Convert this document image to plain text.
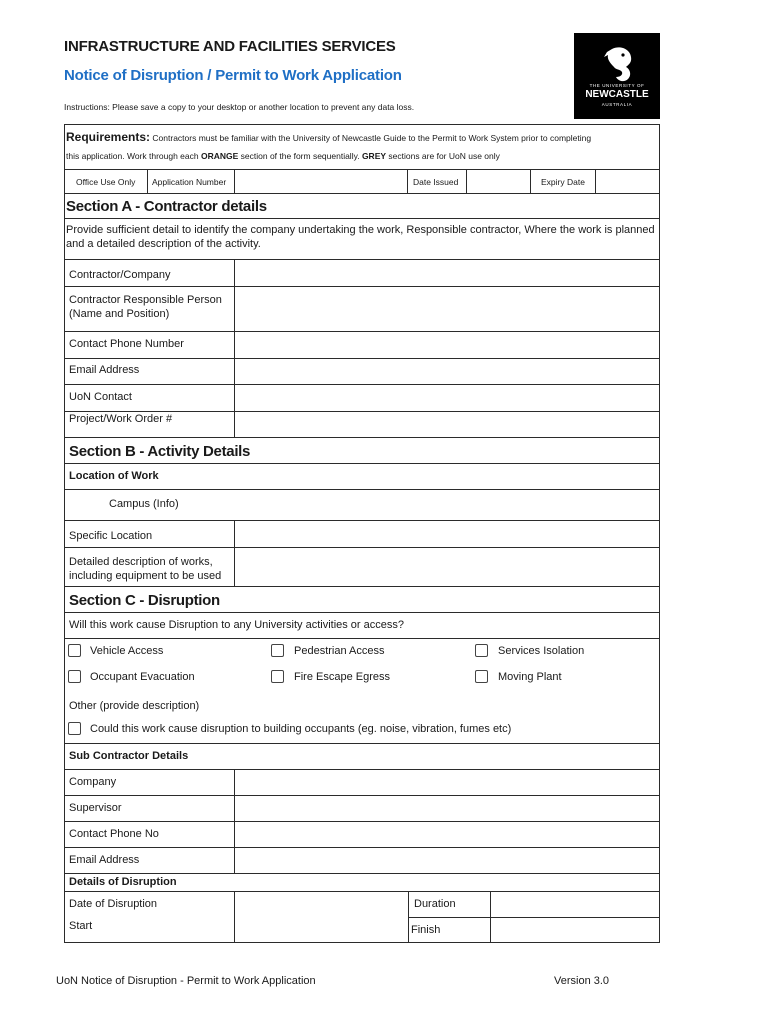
INFRASTRUCTURE AND FACILITIES SERVICES
Notice of Disruption / Permit to Work Application
Instructions: Please save a copy to your desktop or another location to prevent any data loss.
THE UNIVERSITY OF
NEWCASTLE
AUSTRALIA
Requirements: Contractors must be familiar with the University of Newcastle Guide to the Permit to Work System prior to completing
this application. Work through each ORANGE section of the form sequentially. GREY sections are for UoN use only
Office Use Only Application Number	Date Issued	Expiry Date
Section A - Contractor details
Provide sufficient detail to identify the company undertaking the work, Responsible contractor, Where the work is planned and a detailed description of the activity.
Contractor/Company
Contractor Responsible Person
(Name and Position)
Contact Phone Number
Email Address
UoN Contact
Project/Work Order #
Section B - Activity Details
Location of Work
Campus (Info)
Specific Location
Detailed description of works,
including equipment to be used
Section C - Disruption
Will this work cause Disruption to any University activities or access?
Vehicle Access	Pedestrian Access	Services Isolation
Occupant Evacuation	Fire Escape Egress	Moving Plant
Other (provide description)
Could this work cause disruption to building occupants (eg. noise, vibration, fumes etc)
Sub Contractor Details
Company
Supervisor
Contact Phone No
Email Address
Details of Disruption
Date of Disruption
Start
Duration
Finish
UoN Notice of Disruption - Permit to Work Application	Version 3.0
